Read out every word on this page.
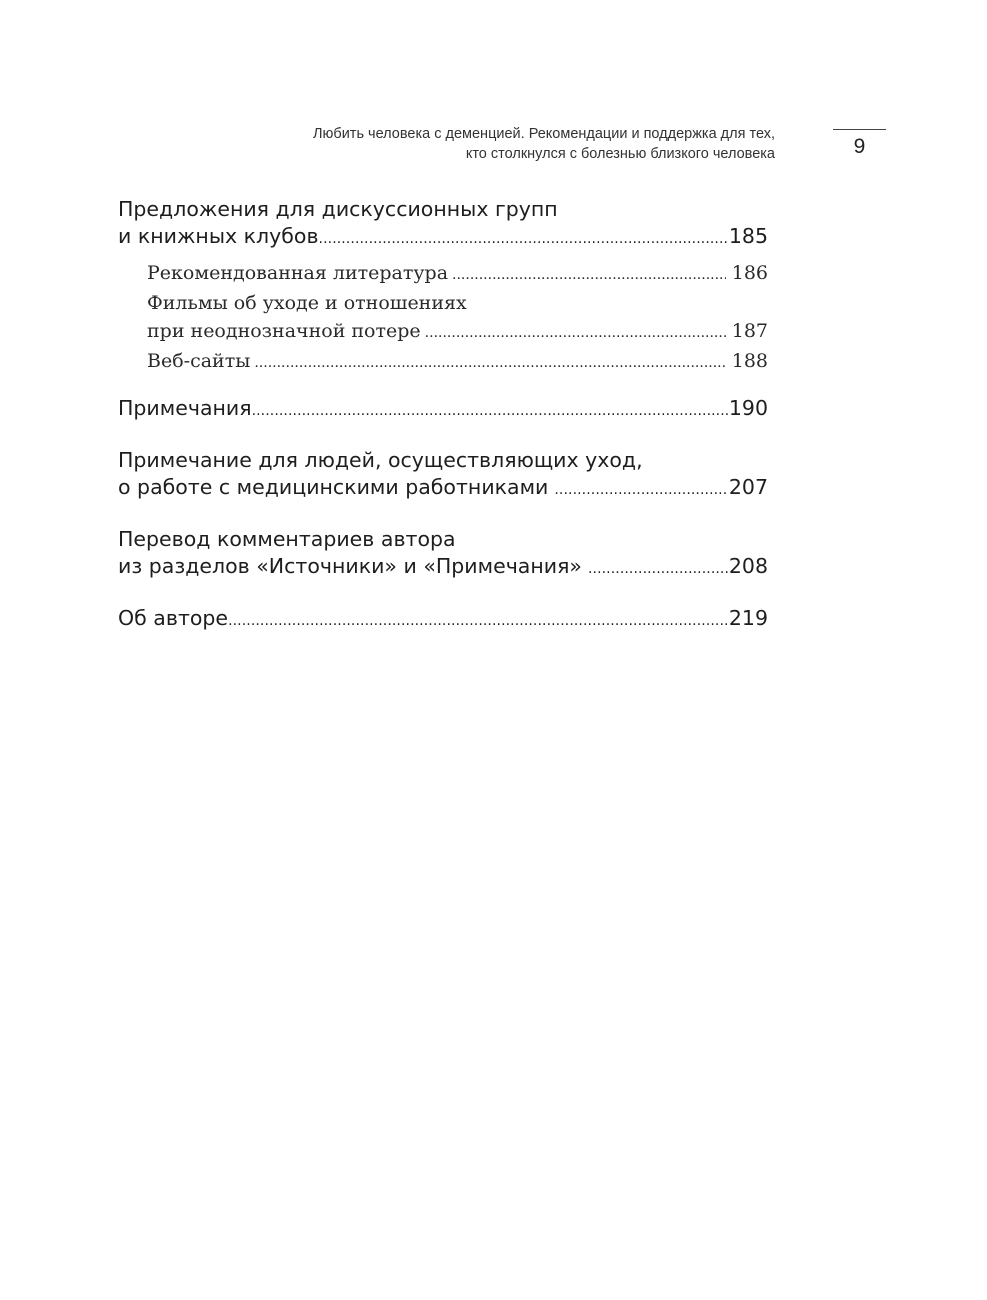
Любить человека с деменцией. Рекомендации и поддержка для тех,
кто столкнулся с болезнью близкого человека	9
Предложения для дискуссионных групп
и книжных клубов .....	185
Рекомендованная литература .....	186
Фильмы об уходе и отношениях
при неоднозначной потере .....	187
Веб-сайты .....	188
Примечания .....	190
Примечание для людей, осуществляющих уход,
о работе с медицинскими работниками .....	207
Перевод комментариев автора
из разделов «Источники» и «Примечания» .....	208
Об авторе .....	219
